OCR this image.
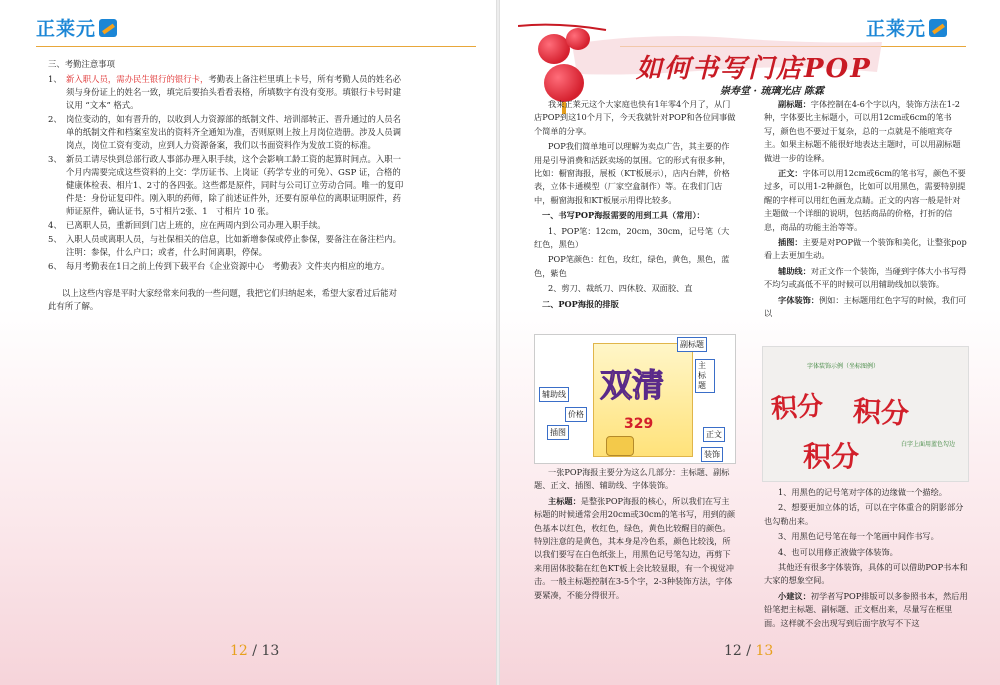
正莱元
三、考勤注意事项
1、 新入职人员，需办民生银行的银行卡，考勤表上备注栏里填上卡号，所有考勤人员的姓名必须与身份证上的姓名一致，填完后要抬头看看表格，所填数字有没有变形。填银行卡号时建议用 “文本” 格式。
2、 岗位变动的，如有晋升的，以收到人力资源部的纸制文件、培训部转正、晋升通过的人员名单的纸制文件和档案室发出的资料齐全通知为准，否则原则上按上月岗位造册。涉及人员调岗点，岗位工资有变动，应到人力资源备案，我们以书面资料作为发放工资的标准。
3、 新员工请尽快到总部行政人事部办理入职手续，这个会影响工龄工资的起算时间点。入职一个月内需要完成这些资料的上交：学历证书、上岗证（药学专业的可免）、GSP 证，合格的健康体检表、相片1、2寸的各四张。这些都是原件，同时与公司订立劳动合同。唯一的复印件是：身份证复印件。刚入职的药师，除了前述证件外，还要有原单位的离职证明原件，药师证原件，确认证书，5寸相片2张、1　寸相片 10 张。
4、 已离职人员，重新回到门店上班的，应在两周内到公司办理入职手续。
5、 入职人员或离职人员，与社保相关的信息，比如新增参保或停止参保，要备注在备注栏内。注明：参保，什么户口；或者，什么时间离职，停保。
6、 每月考勤表在1日之前上传到下载平台《企业资源中心　考勤表》文件夹内相应的地方。
以上这些内容是平时大家经常来问我的一些问题，我把它们归纳起来，希望大家看过后能对此有所了解。
12 / 13
正莱元
如何书写门店POP
崇寿堂 · 琉璃光店 陈霖

我来正莱元这个大家庭也快有1年零4个月了，从门店POP到这10个月下，今天我就针对POP和各位同事做个简单的分享。

POP我们简单地可以理解为卖点广告，其主要的作用是引导消费和活跃卖场的氛围。它的形式有很多种，比如：橱窗海报，展板（KT板展示），店内台牌，价格表，立体卡通模型（厂家空盒制作）等。在我们门店中，橱窗海报和KT板展示用得比较多。

一、书写POP海报需要的用到工具（常用）：

1、POP笔：12cm，20cm，30cm，记号笔（大红色，黑色）

POP笔颜色：红色，玫红，绿色，黄色，黑色，蓝色，紫色

2、剪刀、裁纸刀、四休胶、双面胶、直

二、POP海报的排版

双清
329
副标题
主标题
辅助线
价格
插图	正文
装饰

一张POP海报主要分为这么几部分：主标题、副标题、正文、插图、辅助线、字体装饰。

主标题：是整张POP海报的核心，所以我们在写主标题的时候通常会用20cm或30cm的笔书写，用到的颜色基本以红色，枚红色，绿色，黄色比较醒目的颜色。特别注意的是黄色，其本身是冷色系，颜色比较浅，所以我们要写在白色纸张上，用黑色记号笔勾边，再剪下来用固体胶黏在红色KT板上会比较显眼，有一个视觉冲击。一般主标题控制在3-5个字，2-3种装饰方法，字体要紧凑，不能分得很开。

副标题：字体控制在4-6个字以内，装饰方法在1-2种，字体要比主标题小，可以用12cm或6cm的笔书写，颜色也不要过于复杂，总的一点就是不能喧宾夺主。如果主标题不能很好地表达主题时，可以用副标题做进一步的诠释。

正文：字体可以用12cm或6cm的笔书写，颜色不要过多，可以用1-2种颜色，比如可以用黑色，需要特别提醒的字样可以用红色画龙点睛。正文的内容一般是针对主题做一个详细的说明，包括商品的价格，打折的信息，商品的功能主治等等。

插图：主要是对POP做一个装饰和美化，让整张pop看上去更加生动。

辅助线：对正文作一个装饰，当碰到字体大小书写得不均匀或高低不平的时候可以用辅助线加以装饰。

字体装饰：例如：主标题用红色字写的时候，我们可以

字体装饰示例（坐标图例）
积分 积分
积分	白字上面用蓝色勾边

1、用黑色的记号笔对字体的边缘做一个描绘。

2、想要更加立体的话，可以在字体重合的阴影部分也勾勒出来。

3、用黑色记号笔在每一个笔画中间作书写。

4、也可以用修正液做字体装饰。

其他还有很多字体装饰，具体的可以借助POP书本和大家的想象空间。

小建议：初学者写POP排版可以多参照书本，然后用铅笔把主标题、副标题、正文框出来，尽量写在框里面。这样就不会出现写到后面字放写不下这

12 / 13
